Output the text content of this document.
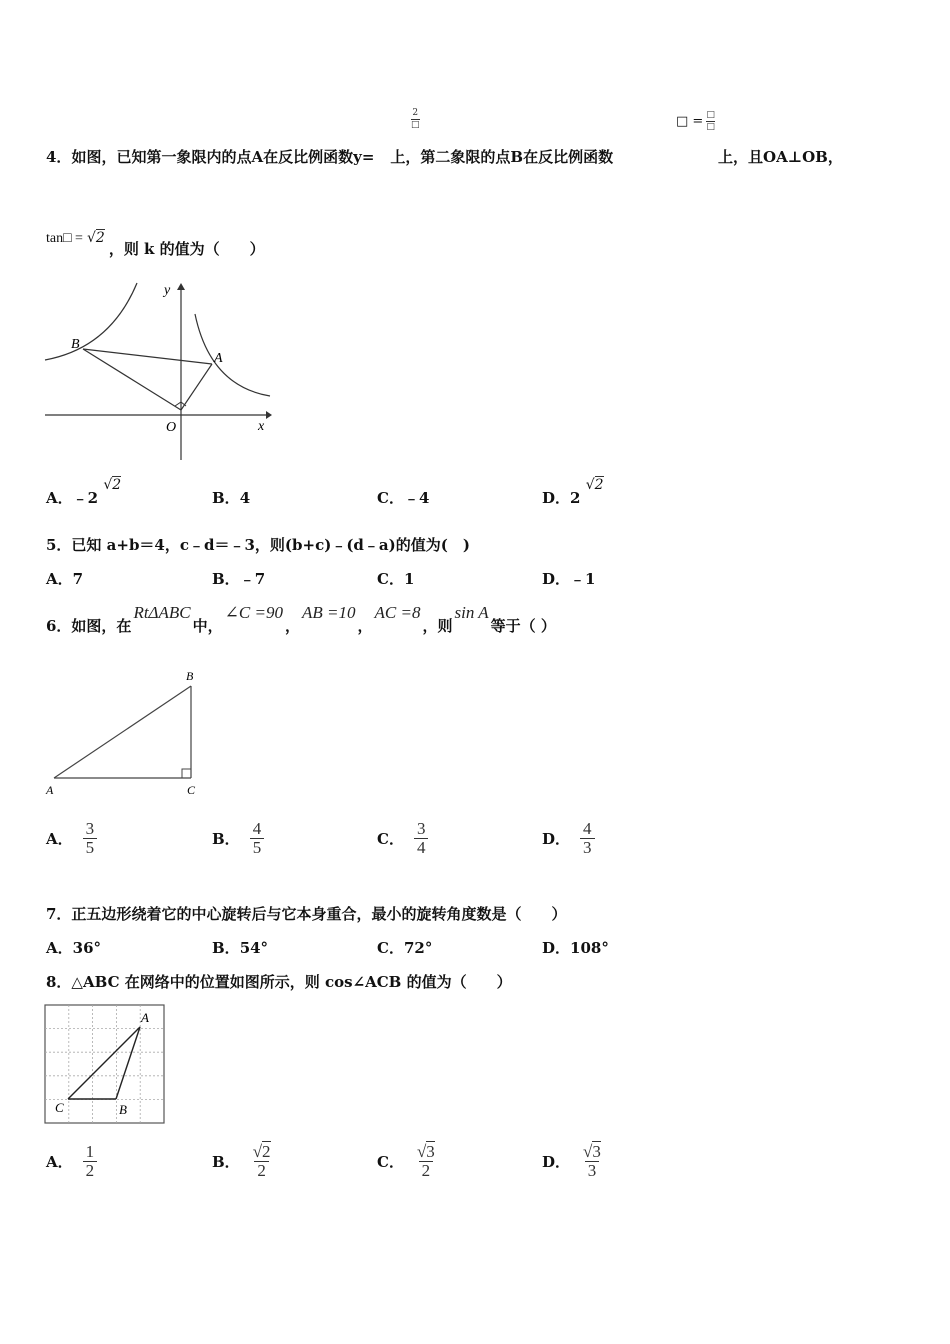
2
□	□ = □
□
4．如图，已知第一象限内的点A在反比例函数y= 上，第二象限的点B在反比例函数	上，且OA⊥OB，
tan□ = √2
，则 k 的值为（　　）
y
x
O
A
B
A．﹣2 √2
B．4	C．﹣4	D．2 √2
5．已知 a+b＝4，c﹣d＝﹣3，则(b+c)﹣(d﹣a)的值为(　)
A．7	B．﹣7	C．1	D．﹣1
6．如图，在
RtΔABC
中，
∠C =90
，
AB =10
，
AC =8
，则
sin A
等于（ ）
A
B
C
A． $\frac{3}{5}$	B． $\frac{4}{5}$	C． $\frac{3}{4}$	D． $\frac{4}{3}$
7．正五边形绕着它的中心旋转后与它本身重合，最小的旋转角度数是（　　）
A．36°	B．54°	C．72°	D．108°
8．△ABC 在网络中的位置如图所示，则 cos∠ACB 的值为（　　）
A
B
C
A． $\frac{1}{2}$	B． $\frac{√2}{2}$	C． $\frac{√3}{2}$	D． $\frac{√3}{3}$
